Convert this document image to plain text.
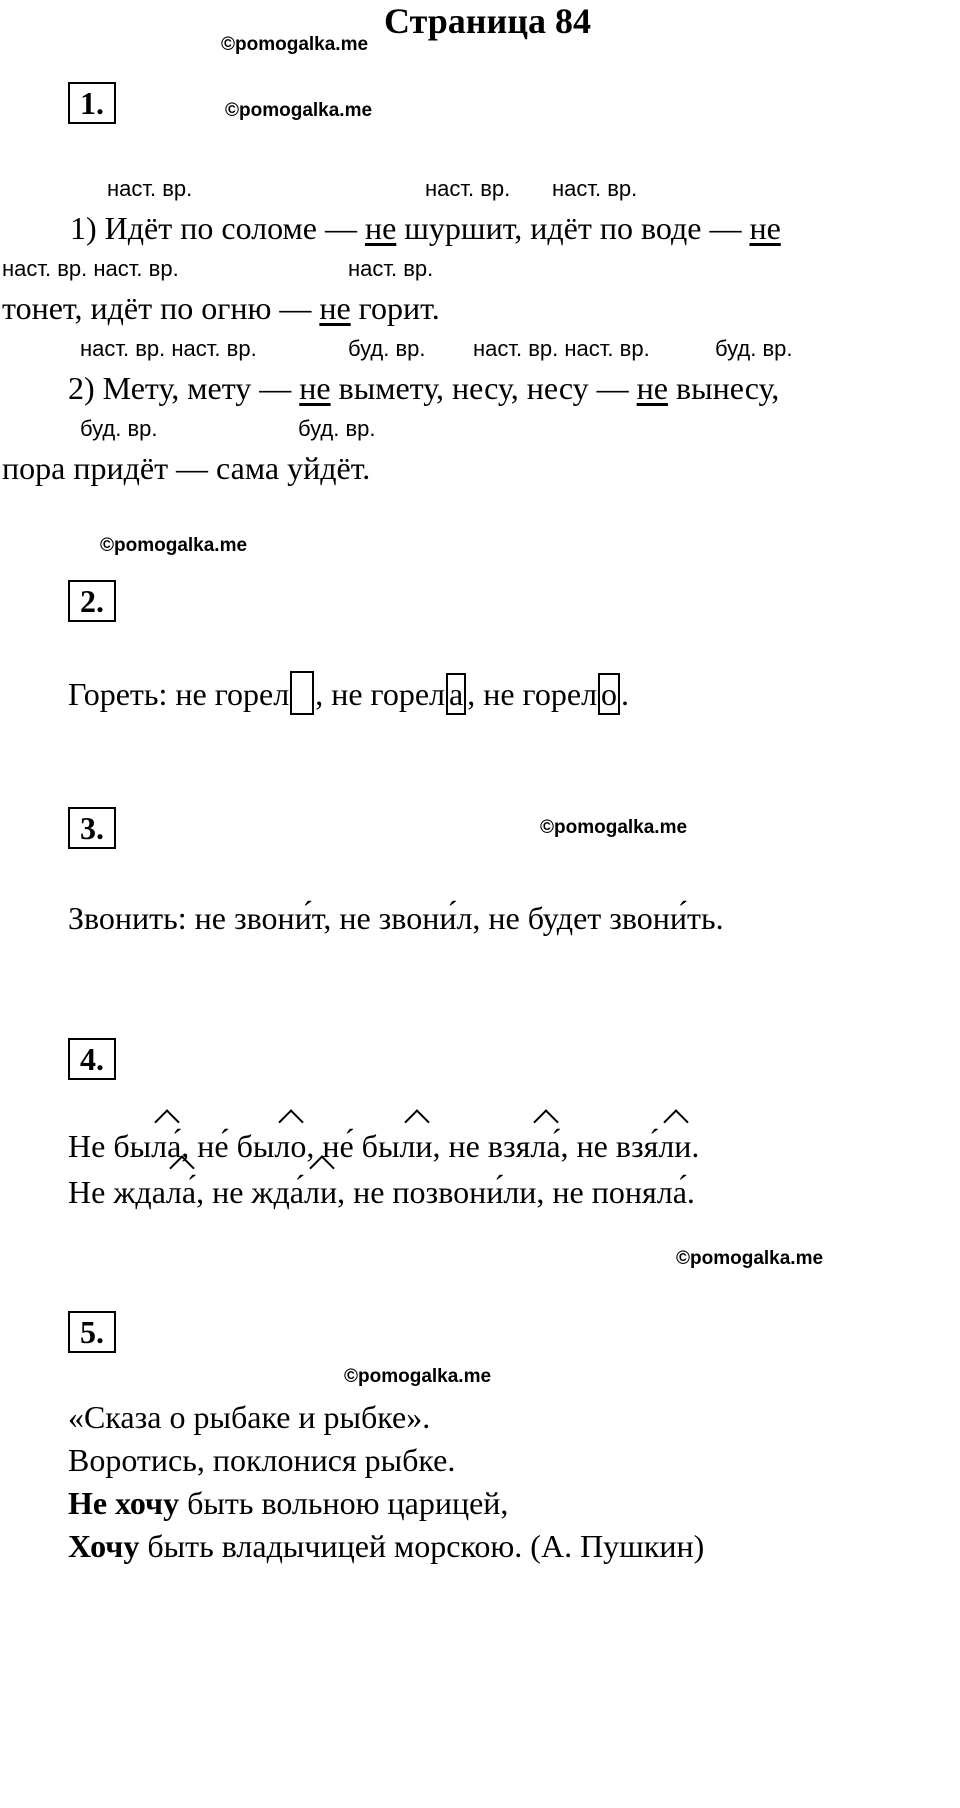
Страница 84
©pomogalka.me
1.	©pomogalka.me
наст. вр.	наст. вр. наст. вр.
1) Идёт по соломе — не шуршит, идёт по воде — не
наст. вр. наст. вр.	наст. вр.
тонет, идёт по огню — не горит.
наст. вр. наст. вр.	буд. вр. наст. вр. наст. вр.	буд. вр.
2) Мету, мету — не вымету, несу, несу — не вынесу,
буд. вр.	буд. вр.
пора придёт — сама уйдёт.
©pomogalka.me
2.
Гореть: не горел , не горел а , не горел о .
3.	©pomogalka.me
Звонить: не звони́т, не звони́л, не будет звони́ть.
4.
Не была́, не́ было, не́ были, не взяла́, не взя́ли.
Не ждала́, не жда́ли, не позвони́ли, не поняла́.
©pomogalka.me
5.
©pomogalka.me
«Сказа о рыбаке и рыбке».
Воротись, поклонися рыбке.
Не хочу быть вольною царицей,
Хочу быть владычицей морскою. (А. Пушкин)
